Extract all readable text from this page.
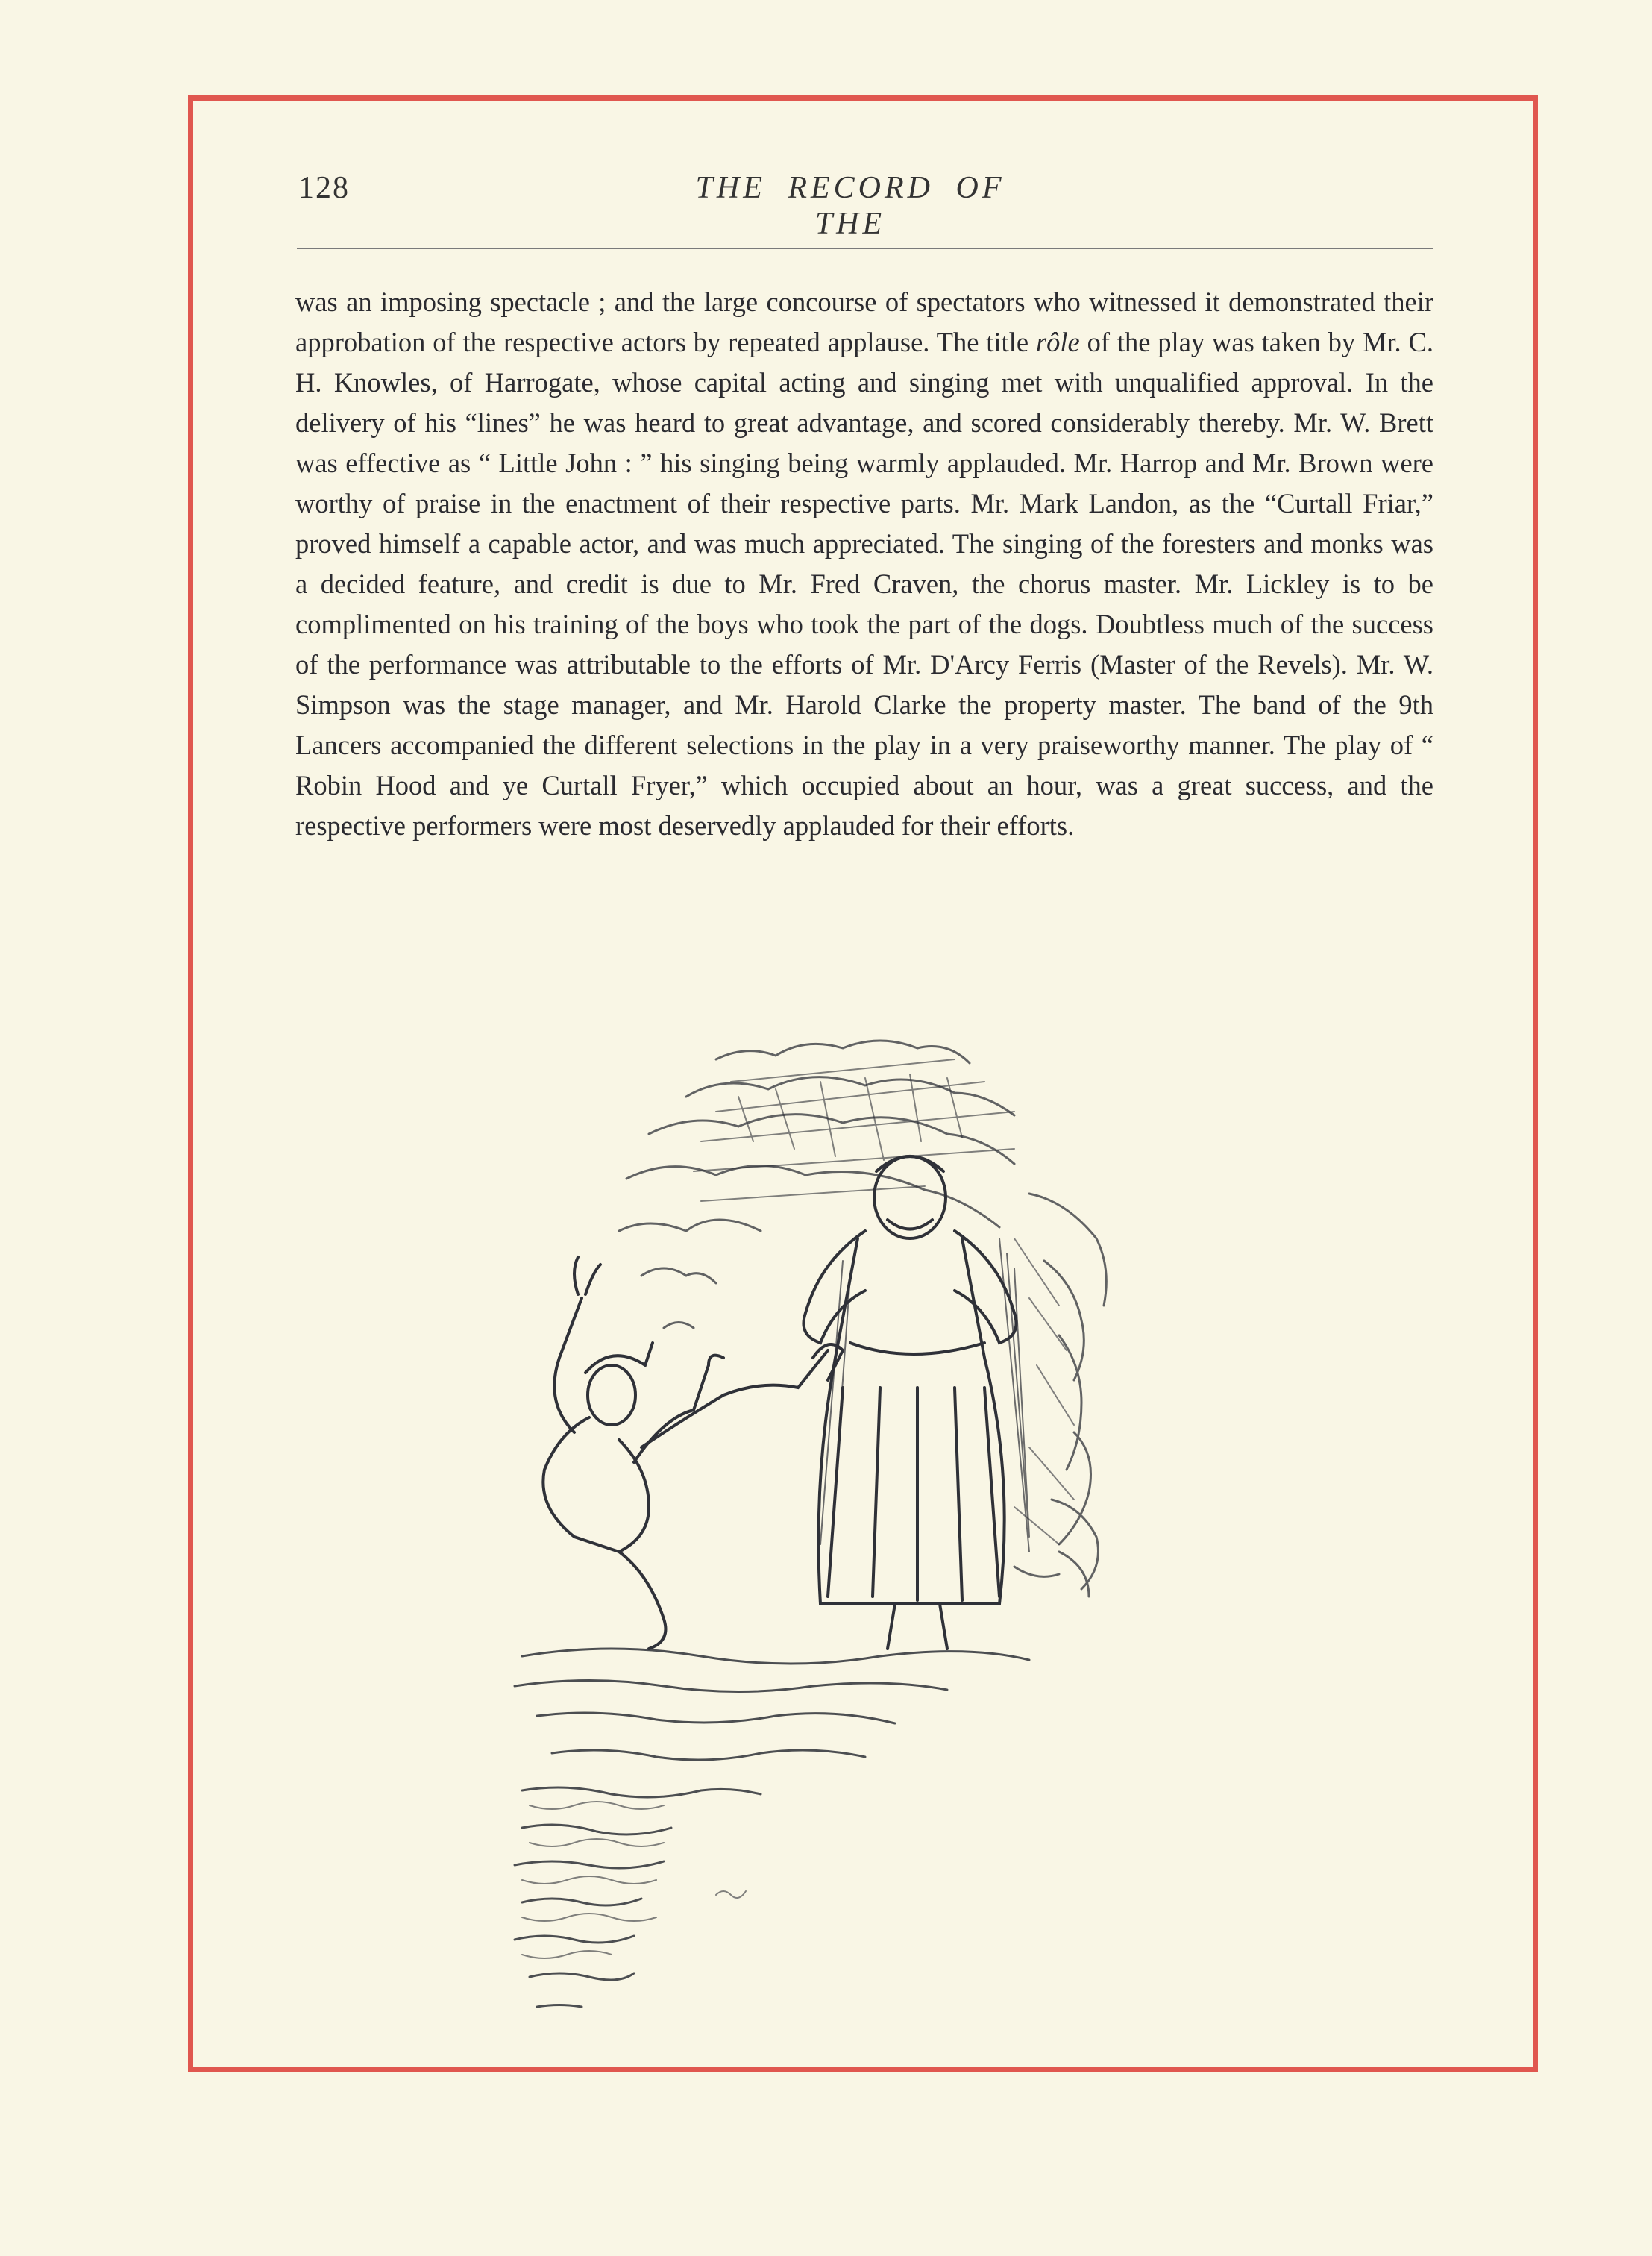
128	THE RECORD OF THE

was an imposing spectacle ; and the large concourse of spectators who witnessed it demonstrated their approbation of the respective actors by repeated applause. The title rôle of the play was taken by Mr. C. H. Knowles, of Harrogate, whose capital acting and singing met with unqualified approval. In the delivery of his “lines” he was heard to great advantage, and scored considerably thereby. Mr. W. Brett was effective as “ Little John : ” his singing being warmly applauded. Mr. Harrop and Mr. Brown were worthy of praise in the enactment of their respective parts. Mr. Mark Landon, as the “Curtall Friar,” proved himself a capable actor, and was much appreciated. The singing of the foresters and monks was a decided feature, and credit is due to Mr. Fred Craven, the chorus master. Mr. Lickley is to be complimented on his training of the boys who took the part of the dogs. Doubtless much of the success of the performance was attributable to the efforts of Mr. D'Arcy Ferris (Master of the Revels). Mr. W. Simpson was the stage manager, and Mr. Harold Clarke the property master. The band of the 9th Lancers accompanied the different selections in the play in a very praiseworthy manner. The play of “ Robin Hood and ye Curtall Fryer,” which occupied about an hour, was a great success, and the respective performers were most deservedly applauded for their efforts.
